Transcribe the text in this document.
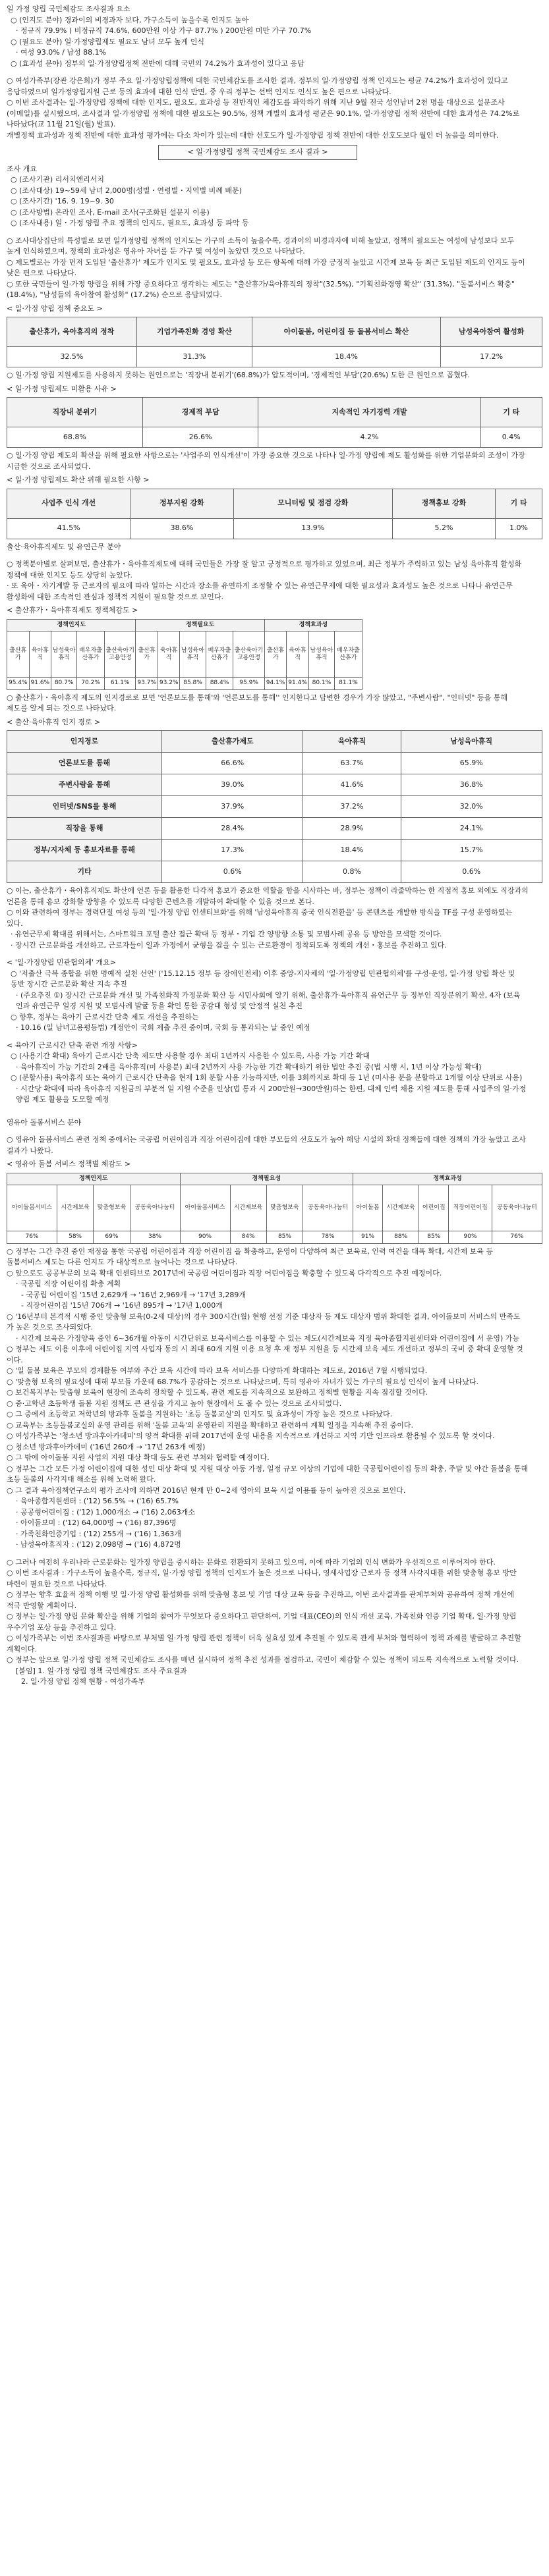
일 가정 양립 국민체감도 조사결과 요소

○ (인지도 분야) 경과이의 비경과자 보다, 가구소득이 높을수록 인지도 높아

· 정규직 79.9% ) 비정규직 74.6%, 600만원 이상 가구 87.7% ) 200만원 미만 가구 70.7%

○ (필요도 분야) 일·가정양립제도 필요도 남녀 모두 높게 인식

· 여성 93.0% / 남성 88.1%

○ (효과성 분야) 정부의 일·가정양립정책 전반에 대해 국민의 74.2%가 효과성이 있다고 응답

○ 여성가족부(장관 강은희)가 정부 주요 일·가정양립정책에 대한 국민체감도를 조사한 결과, 정부의 일·가정양립 정책 인지도는 평균 74.2%가 효과성이 있다고 응답하였으며 일가정양립지원 근로 등의 효과에 대한 인식 반면, 중 우리 정부는 선택 인지도 인식도 높은 편으로 나타났다.

○ 이번 조사결과는 일·가정양립 정책에 대한 인지도, 필요도, 효과성 등 전반적인 체감도를 파악하기 위해 지난 9월 전국 성인남녀 2천 명을 대상으로 설문조사(이메일)를 실시했으며, 조사결과 일·가정양립 정책에 대한 필요도는 90.5%, 정책 개별의 효과성 평균은 90.1%, 일·가정양립 정책 전반에 대한 효과성은 74.2%로 나타났다(교 11월 21일(월) 발표).

개별정책 효과성과 정책 전반에 대한 효과성 평가에는 다소 차이가 있는데 대한 선호도가 일·가정양립 정책 전반에 대한 선호도보다 월인 더 높음을 의미한다.

< 일·가정양립 정책 국민체감도 조사 결과 >

조사 개요

○ (조사기관) 리서치앤리서치

○ (조사대상) 19~59세 남녀 2,000명(성별・연령별・지역별 비례 배분)

○ (조사기간) '16. 9. 19~9. 30

○ (조사방법) 온라인 조사, E-mail 조사(구조화된 설문지 이용)

○ (조사내용) 일・가정 양립 주요 정책의 인지도, 필요도, 효과성 등 파악 등

○ 조사대상집단의 특성별로 보면 일가정양립 정책의 인지도는 가구의 소득이 높을수록, 경과이의 비경과자에 비해 높았고, 정책의 필요도는 여성에 남성보다 모두 높게 인식하였으며, 정책의 효과성은 영유아 자녀를 둔 가구 및 여성이 높았던 것으로 나타났다.

○ 제도별로는 가장 먼저 도입된 '출산휴가' 제도가 인지도 및 필요도, 효과성 등 모든 항목에 대해 가장 긍정적 높았고 시간제 보육 등 최근 도입된 제도의 인지도 등이 낮은 편으로 나타났다.

○ 또한 국민들이 일·가정 양립을 위해 가장 중요하다고 생각하는 제도는 "출산휴가/육아휴직의 정착"(32.5%), "기획친화경영 확산" (31.3%), "돌봄서비스 확충"(18.4%), "남성들의 육아참여 활성화" (17.2%) 순으로 응답되었다.

< 일·가정 양립 정책 중요도 >

출산휴가, 육아휴직의 정착	기업가족친화 경영 확산	아이돌봄, 어린이집 등 돌봄서비스 확산	남성육아참여 활성화
32.5%	31.3%	18.4%	17.2%

○ 일·가정 양립 지원제도를 사용하지 못하는 원인으로는 '직장내 분위기'(68.8%)가 압도적이며, '경제적인 부담'(20.6%) 도한 큰 원인으로 꼽혔다.

< 일·가정 양립제도 미활용 사유 >

직장내 분위기	경제적 부담	지속적인 자기경력 개발	기 타
68.8%	26.6%	4.2%	0.4%

○ 일·가정 양립 제도의 확산을 위해 필요한 사항으로는 '사업주의 인식개선'이 가장 중요한 것으로 나타나 일·가정 양립에 제도 활성화를 위한 기업문화의 조성이 가장 시급한 것으로 조사되었다.

< 일·가정 양립제도 확산 위해 필요한 사항 >

사업주 인식 개선	정부지원 강화	모니터링 및 점검 강화	정책홍보 강화	기 타
41.5%	38.6%	13.9%	5.2%	1.0%

출산·육아휴직제도 및 유연근무 분야

○ 정책분야별로 살펴보면, 출산휴가・육아휴직제도에 대해 국민들은 가장 잘 알고 긍정적으로 평가하고 있었으며, 최근 정부가 주력하고 있는 남성 육아휴직 활성화 정책에 대한 인지도 등도 상당히 높았다.

· 또 육아・자기계발 등 근로자의 필요에 따라 일하는 시간과 장소를 유연하게 조정할 수 있는 유연근무제에 대한 필요성과 효과성도 높은 것으로 나타나 유연근무 활성화에 대한 조속적인 관심과 정책적 지원이 필요할 것으로 보인다.

< 출산휴가・육아휴직제도 정책체감도 >

정책인지도					정책필요도					정책효과성			
출산휴가	육아휴직	남성육아휴직	배우자출산휴가	출산육아기고용안정	출산휴가	육아휴직	남성육아휴직	배우자출산휴가	출산육아기고용안정	출산휴가	육아휴직	남성육아휴직	배우자출산휴가
95.4%	91.6%	80.7%	70.2%	61.1%	93.7%	93.2%	85.8%	88.4%	95.9%	94.1%	91.4%	80.1%	81.1%

○ 출산휴가・육아휴직 제도의 인지경로로 보면 '언론보도를 통해'와 '언론보도를 통해'' 인지한다고 답변한 경우가 가장 많았고, "주변사람", "인터넷" 등을 통해 제도를 알게 되는 것으로 나타났다.

< 출산·육아휴직 인지 경로 >

인지경로	출산휴가제도	육아휴직	남성육아휴직
언론보도를 통해	66.6%	63.7%	65.9%
주변사람을 통해	39.0%	41.6%	36.8%
인터넷/SNS를 통해	37.9%	37.2%	32.0%
직장을 통해	28.4%	28.9%	24.1%
정부/지자체 등 홍보자료를 통해	17.3%	18.4%	15.7%
기타	0.6%	0.8%	0.6%

○ 이는, 출산휴가・육아휴직제도 확산에 언론 등을 활용한 다각적 홍보가 중요한 역할을 함을 시사하는 바, 정부는 정책이 라줄막하는 한 직접적 홍보 외에도 직장과의 언론을 통해 홍보 강화할 방향을 수 있도록 다양한 콘텐츠를 개발하여 확대할 수 있을 것으로 본다.

○ 이와 관련하여 정부는 경력단절 여성 등의 '일·가정 양립 인센티브화'를 위해 '남성육아휴직 중국 인식전환을' 등 콘텐츠를 개발한 방식을 TF를 구성 운영하였는 있다.

· 유연근무제 확대를 위해서는, 스마트워크 포털 출산 접근 확대 등 정부・기업 간 양방향 소통 및 모범사례 공유 등 방안을 모색할 것이다.

· 장시간 근로문화를 개선하고, 근로자들이 일과 가정에서 균형을 잡을 수 있는 근로환경이 정착되도록 정책의 개선・홍보를 추진하고 있다.

< '일·가정양립 민관협의체' 개요>

○ '저출산 극복 종합을 위한 명예적 실천 선언' ('15.12.15 정부 등 장애인전체) 이후 중앙-지자체의 '일·가정양립 민관협의체'를 구성·운영, 일·가정 양립 확산 및 동반 장시간 근로문화 확산 지속 추진

· (주요추진 ①) 장시간 근로문화 개선 및 가족친화적 가정문화 확산 등 시민사회에 알기 위해, 출산휴가·육아휴직 유연근무 등 정부인 직장분위기 확산, 4자 (보육 인과 유연근무 일경 지원 및 모범사례 발굴 등을 확인 통한 공감대 형성 및 안정적 실천 추진

○ 향후, 정부는 육아기 근로시간 단축 제도 개선을 추진하는

· 10.16 (일 남녀고용평등법) 개정안이 국회 제출 추진 중이며, 국회 등 통과되는 날 중인 예정

< 육아기 근로시간 단축 관련 개정 사항>

○ (사용기간 확대) 육아기 근로시간 단축 제도만 사용할 경우 최대 1년까지 사용한 수 있도록, 사용 가능 기간 확대

· 육아휴직이 가능 기간의 2배를 육아휴직(미 사용분) 최대 2년까지 사용 가능한 기간 확대하기 위한 법안 추진 중(법 시행 시, 1년 이상 가능성 확대)

○ (분할사용) 육아휴직 또는 육아기 근로시간 단축을 현재 1회 분할 사용 가능하지만, 이를 3회까지로 확대 등 1년 (미사용 분을 분할하고 1개월 이상 단위로 사용)

· 시간당 확대에 따라 육아휴직 지원금의 부분적 일 지원 수준을 인상(법 통과 시 200만원→300만원)하는 한편, 대체 인력 채용 지원 제도를 통해 사업주의 일·가정 양립 제도 활용을 도모할 예정

영유아 돌봄서비스 분야

○ 영유아 돌봄서비스 관련 정책 중에서는 국공립 어린이집과 직장 어린이집에 대한 부모들의 선호도가 높아 해당 시설의 확대 정책들에 대한 정책의 가장 높았고 조사 결과가 나왔다.

< 영유아 돌봄 서비스 정책별 체감도 >

정책인지도				정책필요성				정책효과성				
아이돌봄서비스	시간제보육	맞춤형보육	공동육아나눔터	아이돌봄서비스	시간제보육	맞춤형보육	공동육아나눔터	아이돌봄	시간제보육	어린이집	직장어린이집	공동육아나눔터
76%	58%	69%	38%	90%	84%	85%	78%	91%	88%	85%	90%	76%

○ 정부는 그간 추진 중인 재정을 통한 국공립 어린이집과 직장 어린이집 을 확충하고, 운영이 다양하여 최근 보육료, 인력 여건을 대폭 확대, 시간제 보육 등 돌봄서비스 제도는 다른 인지도 가 대상적으로 늘어나는 것으로 나타났다.

○ 앞으로도 공공부문의 보육 확대 인센티브로 2017년에 국공립 어린이집과 직장 어린이집을 확충할 수 있도록 다각적으로 추진 예정이다.

· 국공립 직장 어린이집 확충 계획

- 국공립 어린이집 '15년 2,629개 → '16년 2,969개 → '17년 3,289개

- 직장어린이집 '15년 706개 → '16년 895개 → '17년 1,000개

○ '16년부터 본격적 시행 중인 맞춤형 보육(0-2세 대상)의 경우 300시간(월) 현행 선정 기준 대상자 등 제도 대상자 범위 확대한 결과, 아이돌보미 서비스의 만족도 가 높은 것으로 조사되었다.

· 시간제 보육은 가정양육 중인 6~36개월 아동이 시간단위로 보육서비스를 이용할 수 있는 제도(시간제보육 지정 육아종합지원센터와 어린이집에 서 운영) 가능

○ 정부는 제도 이용 이후에 어린이집 지역 사업자 동의 시 최대 60개 지원 이용 요청 후 재 정부 지원을 등 시간제 보육 제도 개선하고 정부의 국비 중 확대 운영할 것 이다.

○ '일 둘봄 보육은 부모의 경제활동 여부와 주간 보육 시간에 따라 보육 서비스를 다양하게 확대하는 제도로, 2016년 7월 시행되었다.

○ '맞춤형 보육의 필요성에 대해 부모들 가운데 68.7%가 공감하는 것으로 나타났으며, 특히 영유아 자녀가 있는 가구의 필요성 인식이 높게 나타났다.

○ 보건복지부는 맞춤형 보육이 현장에 조속히 정착할 수 있도록, 관련 제도를 지속적으로 보완하고 정책별 현황을 지속 점검할 것이다.

○ 중·고학년 초등학생 돌봄 지원 정책도 큰 관심을 가지고 높아 현장에서 도 볼 수 있는 것으로 조사되었다.

○ 그 중에서 초등학교 저학년의 방과후 돌봄을 지원하는 '초등 돌봄교실'의 인지도 및 효과성이 가장 높은 것으로 나타났다.

○ 교육부는 초등돌봄교실의 운영 관리를 위해 '돌봄 교육'의 운영관리 지원을 확대하고 관련하여 계획 일정을 지속해 추진 중이다.

○ 여성가족부는 '청소년 방과후아카데미'의 양적 확대를 위해 2017년에 운영 내용을 지속적으로 개선하고 지역 기반 인프라로 활용될 수 있도록 할 것이다.

○ 청소년 방과후아카데미 ('16년 260개 → '17년 263개 예정)

○ 그 밖에 아이돌봄 지원 사업의 지원 대상 확대 등도 관련 부처와 협력할 예정이다.

○ 정부는 그간 모든 가정 어린이집에 대한 성인 대상 확대 및 지원 대상 아동 가정, 일정 규모 이상의 기업에 대한 국공립어린이집 등의 확충, 주말 및 야간 돌봄을 통해 초등 돌봄의 사각지대 해소를 위해 노력해 왔다.

○ 그 결과 육아정책연구소의 평가 조사에 의하면 2016년 현재 만 0~2세 영아의 보육 시설 이용률 등이 높아진 것으로 보인다.

· 육아종합지원센터 : ('12) 56.5% → ('16) 65.7%

· 공공형어린이집 : ('12) 1,000개소 → ('16) 2,063개소

· 아이돌보미 : ('12) 64,000명 → ('16) 87,396명

· 가족친화인증기업 : ('12) 255개 → ('16) 1,363개

· 남성육아휴직자 : ('12) 2,098명 → ('16) 4,872명

○ 그러나 여전히 우리나라 근로문화는 일가정 양립을 중시하는 문화로 전환되지 못하고 있으며, 이에 따라 기업의 인식 변화가 우선적으로 이루어져야 한다.

○ 이번 조사결과 : 가구소득이 높을수록, 정규직, 일·가정 양립 정책의 인지도가 높은 것으로 나타나, 영세사업장 근로자 등 정책 사각지대를 위한 맞춤형 홍보 방안 마련이 필요한 것으로 나타났다.

○ 정부는 향후 효율적 정책 이행 및 일·가정 양립 활성화를 위해 맞춤형 홍보 및 기업 대상 교육 등을 추진하고, 이번 조사결과를 관계부처와 공유하여 정책 개선에 적극 반영할 계획이다.

○ 정부는 일·가정 양립 문화 확산을 위해 기업의 참여가 무엇보다 중요하다고 판단하여, 기업 대표(CEO)의 인식 개선 교육, 가족친화 인증 기업 확대, 일·가정 양립 우수기업 포상 등을 추진하고 있다.

○ 여성가족부는 이번 조사결과를 바탕으로 부처별 일·가정 양립 관련 정책이 더욱 실효성 있게 추진될 수 있도록 관계 부처와 협력하여 정책 과제를 발굴하고 추진할 계획이다.

○ 정부는 앞으로 일·가정 양립 정책 국민체감도 조사를 매년 실시하여 정책 추진 성과를 점검하고, 국민이 체감할 수 있는 정책이 되도록 지속적으로 노력할 것이다.

[붙임] 1. 일·가정 양립 정책 국민체감도 조사 주요결과

2. 일·가정 양립 정책 현황 - 여성가족부
